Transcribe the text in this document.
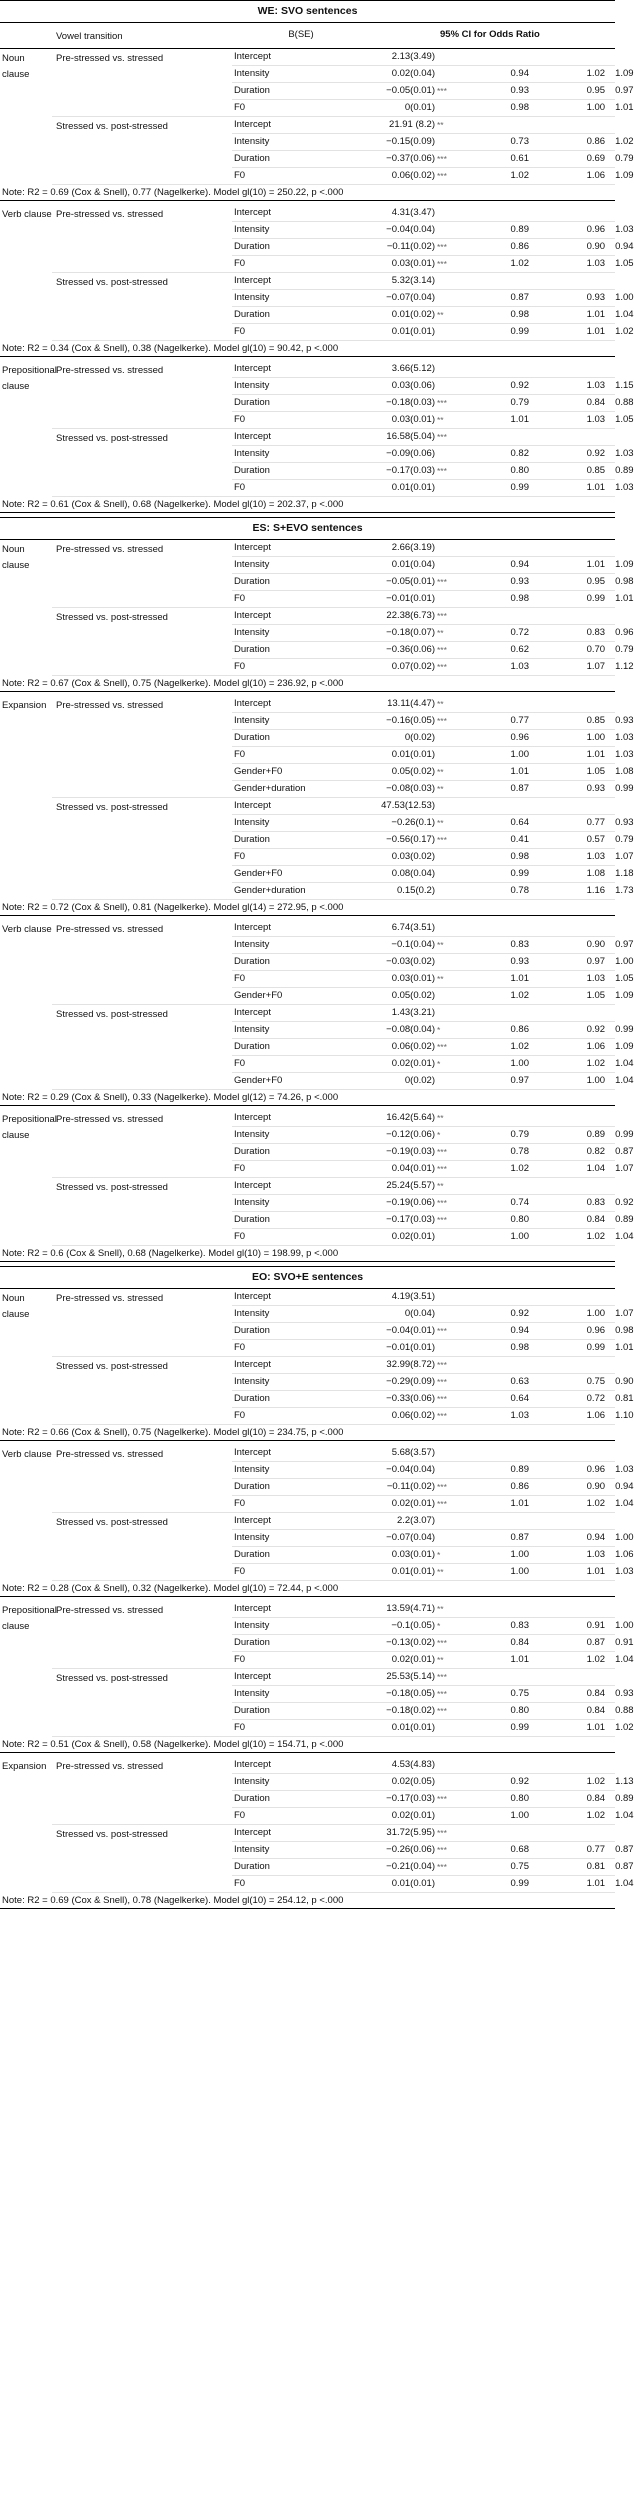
WE: SVO sentences								
	Vowel transition	B(SE)			95% CI for Odds Ratio			
Noun clause	Pre-stressed vs. stressed	Intercept	2.13(3.49)					
		Intensity	0.02(0.04)			0.94	1.02	1.09
		Duration	−0.05(0.01)		***	0.93	0.95	0.97
		F0	0(0.01)			0.98	1.00	1.01
	Stressed vs. post-stressed	Intercept	21.91 (8.2)		**			
		Intensity	−0.15(0.09)			0.73	0.86	1.02
		Duration	−0.37(0.06)		***	0.61	0.69	0.79
		F0	0.06(0.02)		***	1.02	1.06	1.09
Note: R2 = 0.69 (Cox & Snell), 0.77 (Nagelkerke). Model gl(10) = 250.22, p <.000								

Verb clause	Pre-stressed vs. stressed	Intercept	4.31(3.47)					
		Intensity	−0.04(0.04)			0.89	0.96	1.03
		Duration	−0.11(0.02)		***	0.86	0.90	0.94
		F0	0.03(0.01)		***	1.02	1.03	1.05
	Stressed vs. post-stressed	Intercept	5.32(3.14)					
		Intensity	−0.07(0.04)			0.87	0.93	1.00
		Duration	0.01(0.02)		**	0.98	1.01	1.04
		F0	0.01(0.01)			0.99	1.01	1.02
Note: R2 = 0.34 (Cox & Snell), 0.38 (Nagelkerke). Model gl(10) = 90.42, p <.000								

Prepositional clause	Pre-stressed vs. stressed	Intercept	3.66(5.12)					
		Intensity	0.03(0.06)			0.92	1.03	1.15
		Duration	−0.18(0.03)		***	0.79	0.84	0.88
		F0	0.03(0.01)		**	1.01	1.03	1.05
	Stressed vs. post-stressed	Intercept	16.58(5.04)		***			
		Intensity	−0.09(0.06)			0.82	0.92	1.03
		Duration	−0.17(0.03)		***	0.80	0.85	0.89
		F0	0.01(0.01)			0.99	1.01	1.03
Note: R2 = 0.61 (Cox & Snell), 0.68 (Nagelkerke). Model gl(10) = 202.37, p <.000								

ES: S+EVO sentences								
Noun clause	Pre-stressed vs. stressed	Intercept	2.66(3.19)					
		Intensity	0.01(0.04)			0.94	1.01	1.09
		Duration	−0.05(0.01)		***	0.93	0.95	0.98
		F0	−0.01(0.01)			0.98	0.99	1.01
	Stressed vs. post-stressed	Intercept	22.38(6.73)		***			
		Intensity	−0.18(0.07)		**	0.72	0.83	0.96
		Duration	−0.36(0.06)		***	0.62	0.70	0.79
		F0	0.07(0.02)		***	1.03	1.07	1.12
Note: R2 = 0.67 (Cox & Snell), 0.75 (Nagelkerke). Model gl(10) = 236.92, p <.000								

Expansion	Pre-stressed vs. stressed	Intercept	13.11(4.47)		**			
		Intensity	−0.16(0.05)		***	0.77	0.85	0.93
		Duration	0(0.02)			0.96	1.00	1.03
		F0	0.01(0.01)			1.00	1.01	1.03
		Gender+F0	0.05(0.02)		**	1.01	1.05	1.08
		Gender+duration	−0.08(0.03)		**	0.87	0.93	0.99
	Stressed vs. post-stressed	Intercept	47.53(12.53)					
		Intensity	−0.26(0.1)		**	0.64	0.77	0.93
		Duration	−0.56(0.17)		***	0.41	0.57	0.79
		F0	0.03(0.02)			0.98	1.03	1.07
		Gender+F0	0.08(0.04)			0.99	1.08	1.18
		Gender+duration	0.15(0.2)			0.78	1.16	1.73
Note: R2 = 0.72 (Cox & Snell), 0.81 (Nagelkerke). Model gl(14) = 272.95, p <.000								

Verb clause	Pre-stressed vs. stressed	Intercept	6.74(3.51)					
		Intensity	−0.1(0.04)		**	0.83	0.90	0.97
		Duration	−0.03(0.02)			0.93	0.97	1.00
		F0	0.03(0.01)		**	1.01	1.03	1.05
		Gender+F0	0.05(0.02)			1.02	1.05	1.09
	Stressed vs. post-stressed	Intercept	1.43(3.21)					
		Intensity	−0.08(0.04)		*	0.86	0.92	0.99
		Duration	0.06(0.02)		***	1.02	1.06	1.09
		F0	0.02(0.01)		*	1.00	1.02	1.04
		Gender+F0	0(0.02)			0.97	1.00	1.04
Note: R2 = 0.29 (Cox & Snell), 0.33 (Nagelkerke). Model gl(12) = 74.26, p <.000								

Prepositional clause	Pre-stressed vs. stressed	Intercept	16.42(5.64)		**			
		Intensity	−0.12(0.06)		*	0.79	0.89	0.99
		Duration	−0.19(0.03)		***	0.78	0.82	0.87
		F0	0.04(0.01)		***	1.02	1.04	1.07
	Stressed vs. post-stressed	Intercept	25.24(5.57)		**			
		Intensity	−0.19(0.06)		***	0.74	0.83	0.92
		Duration	−0.17(0.03)		***	0.80	0.84	0.89
		F0	0.02(0.01)			1.00	1.02	1.04
Note: R2 = 0.6 (Cox & Snell), 0.68 (Nagelkerke). Model gl(10) = 198.99, p <.000								

EO: SVO+E sentences								
Noun clause	Pre-stressed vs. stressed	Intercept	4.19(3.51)					
		Intensity	0(0.04)			0.92	1.00	1.07
		Duration	−0.04(0.01)		***	0.94	0.96	0.98
		F0	−0.01(0.01)			0.98	0.99	1.01
	Stressed vs. post-stressed	Intercept	32.99(8.72)		***			
		Intensity	−0.29(0.09)		***	0.63	0.75	0.90
		Duration	−0.33(0.06)		***	0.64	0.72	0.81
		F0	0.06(0.02)		***	1.03	1.06	1.10
Note: R2 = 0.66 (Cox & Snell), 0.75 (Nagelkerke). Model gl(10) = 234.75, p <.000								

Verb clause	Pre-stressed vs. stressed	Intercept	5.68(3.57)					
		Intensity	−0.04(0.04)			0.89	0.96	1.03
		Duration	−0.11(0.02)		***	0.86	0.90	0.94
		F0	0.02(0.01)		***	1.01	1.02	1.04
	Stressed vs. post-stressed	Intercept	2.2(3.07)					
		Intensity	−0.07(0.04)			0.87	0.94	1.00
		Duration	0.03(0.01)		*	1.00	1.03	1.06
		F0	0.01(0.01)		**	1.00	1.01	1.03
Note: R2 = 0.28 (Cox & Snell), 0.32 (Nagelkerke). Model gl(10) = 72.44, p <.000								

Prepositional clause	Pre-stressed vs. stressed	Intercept	13.59(4.71)		**			
		Intensity	−0.1(0.05)		*	0.83	0.91	1.00
		Duration	−0.13(0.02)		***	0.84	0.87	0.91
		F0	0.02(0.01)		**	1.01	1.02	1.04
	Stressed vs. post-stressed	Intercept	25.53(5.14)		***			
		Intensity	−0.18(0.05)		***	0.75	0.84	0.93
		Duration	−0.18(0.02)		***	0.80	0.84	0.88
		F0	0.01(0.01)			0.99	1.01	1.02
Note: R2 = 0.51 (Cox & Snell), 0.58 (Nagelkerke). Model gl(10) = 154.71, p <.000								

Expansion	Pre-stressed vs. stressed	Intercept	4.53(4.83)					
		Intensity	0.02(0.05)			0.92	1.02	1.13
		Duration	−0.17(0.03)		***	0.80	0.84	0.89
		F0	0.02(0.01)			1.00	1.02	1.04
	Stressed vs. post-stressed	Intercept	31.72(5.95)		***			
		Intensity	−0.26(0.06)		***	0.68	0.77	0.87
		Duration	−0.21(0.04)		***	0.75	0.81	0.87
		F0	0.01(0.01)			0.99	1.01	1.04
Note: R2 = 0.69 (Cox & Snell), 0.78 (Nagelkerke). Model gl(10) = 254.12, p <.000								
